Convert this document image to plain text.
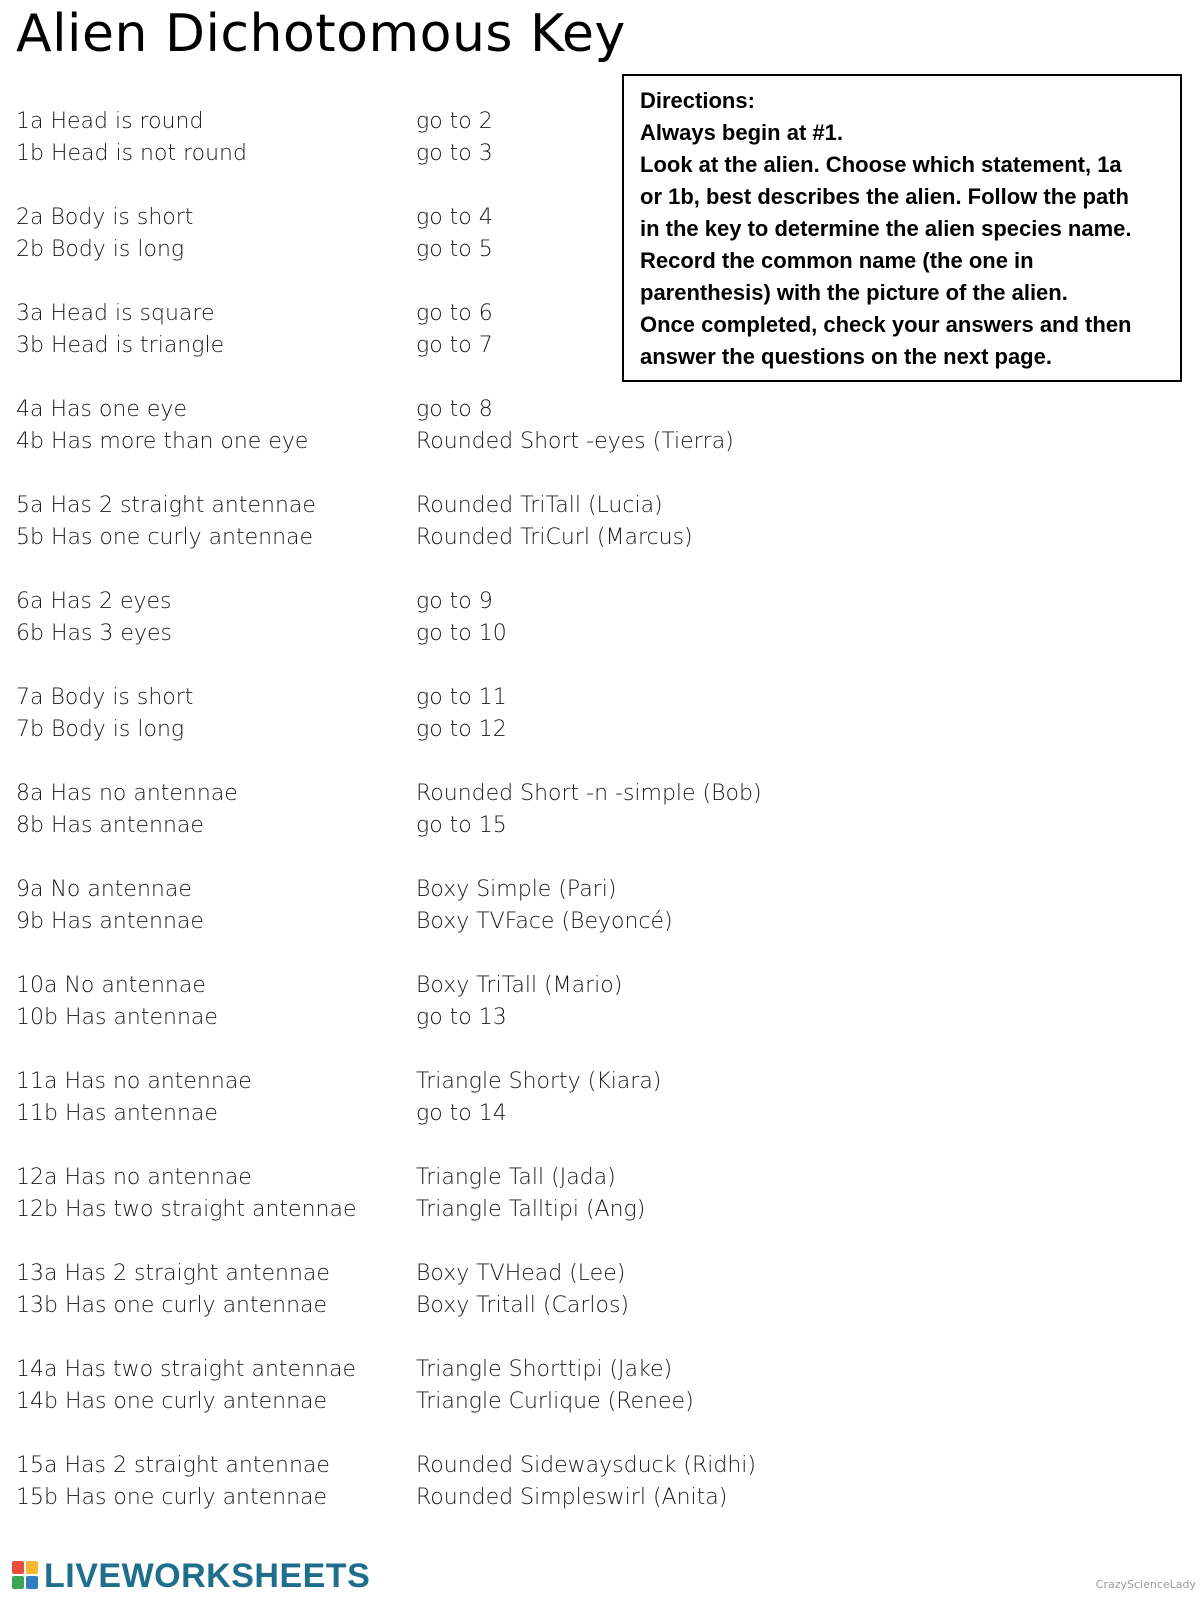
Alien Dichotomous Key
Directions:
Always begin at #1.
Look at the alien. Choose which statement, 1a
or 1b, best describes the alien. Follow the path
in the key to determine the alien species name.
Record the common name (the one in
parenthesis) with the picture of the alien.
Once completed, check your answers and then
answer the questions on the next page.
1a Head is round	go to 2
1b Head is not round	go to 3
2a Body is short	go to 4
2b Body is long	go to 5
3a Head is square	go to 6
3b Head is triangle	go to 7
4a Has one eye	go to 8
4b Has more than one eye	Rounded Short -eyes (Tierra)
5a Has 2 straight antennae	Rounded TriTall (Lucia)
5b Has one curly antennae	Rounded TriCurl (Marcus)
6a Has 2 eyes	go to 9
6b Has 3 eyes	go to 10
7a Body is short	go to 11
7b Body is long	go to 12
8a Has no antennae	Rounded Short -n -simple (Bob)
8b Has antennae	go to 15
9a No antennae	Boxy Simple (Pari)
9b Has antennae	Boxy TVFace (Beyoncé)
10a No antennae	Boxy TriTall (Mario)
10b Has antennae	go to 13
11a Has no antennae	Triangle Shorty (Kiara)
11b Has antennae	go to 14
12a Has no antennae	Triangle Tall (Jada)
12b Has two straight antennae	Triangle Talltipi (Ang)
13a Has 2 straight antennae	Boxy TVHead (Lee)
13b Has one curly antennae	Boxy Tritall (Carlos)
14a Has two straight antennae	Triangle Shorttipi (Jake)
14b Has one curly antennae	Triangle Curlique (Renee)
15a Has 2 straight antennae	Rounded Sidewaysduck (Ridhi)
15b Has one curly antennae	Rounded Simpleswirl (Anita)
LIVEWORKSHEETS	CrazyScienceLady
